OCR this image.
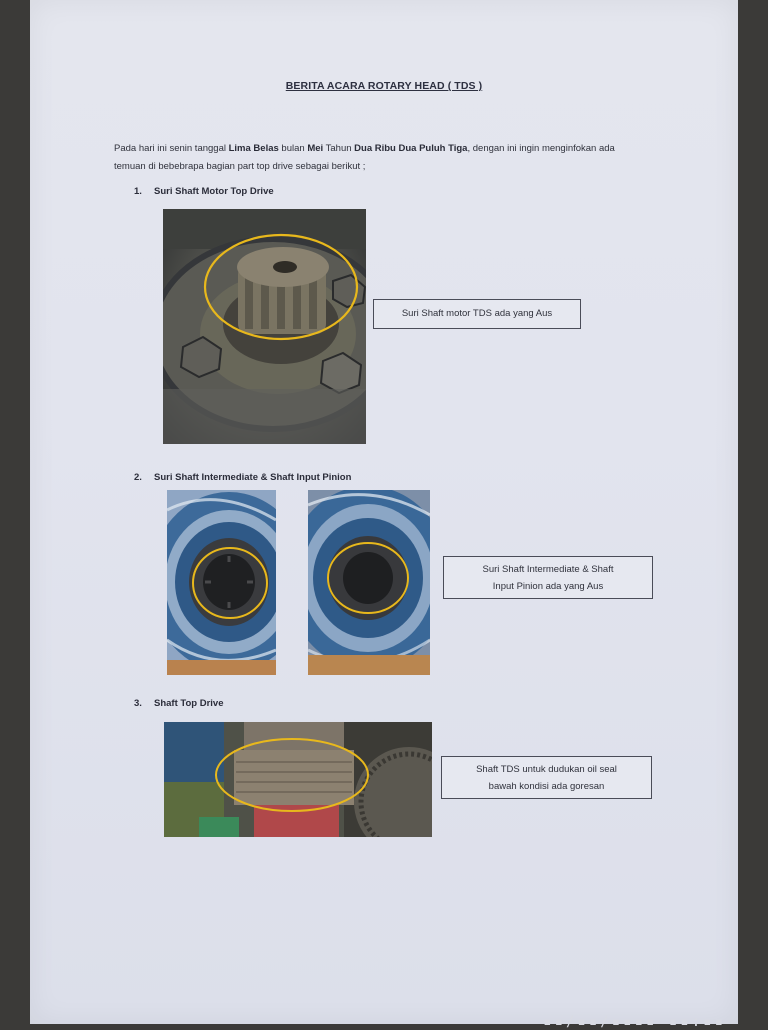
▪▪/▪▪/▪▪▪▪ ▪▪:▪▪
BERITA ACARA ROTARY HEAD ( TDS )
Pada hari ini senin tanggal Lima Belas bulan Mei Tahun Dua Ribu Dua Puluh Tiga, dengan ini ingin menginfokan ada temuan di bebebrapa bagian part top drive sebagai berikut ;
1. Suri Shaft Motor Top Drive
Suri Shaft motor TDS ada yang Aus
2. Suri Shaft Intermediate & Shaft Input Pinion
Suri Shaft Intermediate & Shaft
Input Pinion ada yang Aus
3. Shaft Top Drive
Shaft TDS untuk dudukan oil seal
bawah kondisi ada goresan
